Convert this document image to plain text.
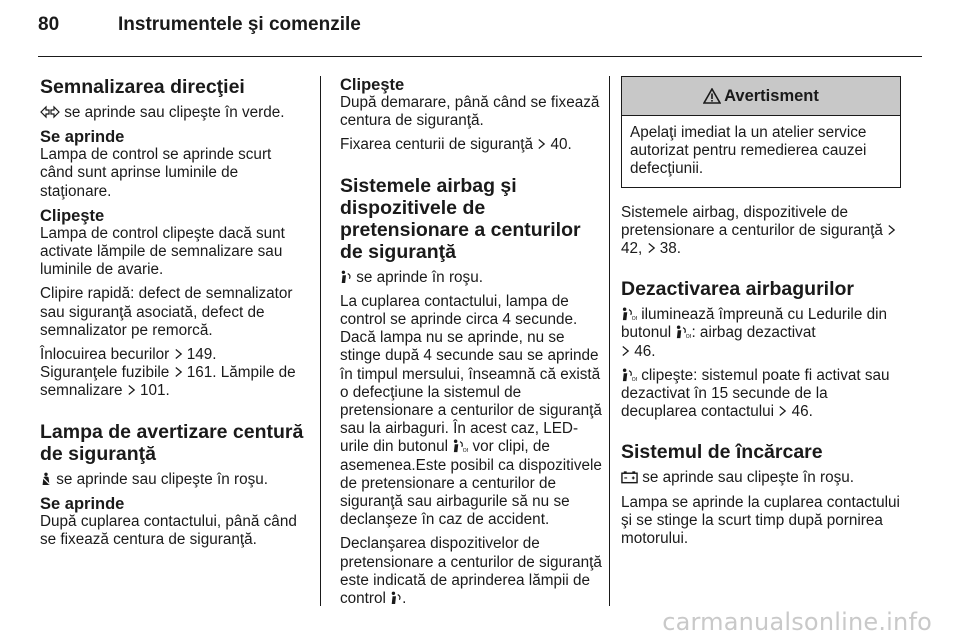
80	Instrumentele şi comenzile
Semnalizarea direcţiei

se aprinde sau clipeşte în verde.

Se aprinde

Lampa de control se aprinde scurt când sunt aprinse luminile de staţionare.

Clipeşte

Lampa de control clipeşte dacă sunt activate lămpile de semnalizare sau luminile de avarie.

Clipire rapidă: defect de semnalizator sau siguranţă asociată, defect de semnalizator pe remorcă.

Înlocuirea becurilor  149.
Siguranţele fuzibile  161. Lămpile de semnalizare  101.

Lampa de avertizare centură de siguranţă

se aprinde sau clipeşte în roşu.

Se aprinde

După cuplarea contactului, până când se fixează centura de siguranţă.

Clipeşte

După demarare, până când se fixează centura de siguranţă.

Fixarea centurii de siguranţă  40.

Sistemele airbag şi dispozitivele de pretensionare a centurilor de siguranţă

se aprinde în roşu.

La cuplarea contactului, lampa de control se aprinde circa 4 secunde. Dacă lampa nu se aprinde, nu se stinge după 4 secunde sau se aprinde în timpul mersului, înseamnă că există o defecţiune la sistemul de pretensionare a centurilor de siguranţă sau la airbaguri. În acest caz, LED-urile din butonul  vor clipi, de asemenea.Este posibil ca dispozitivele de pretensionare a centurilor de siguranţă sau airbagurile să nu se declanşeze în caz de accident.

Declanşarea dispozitivelor de pretensionare a centurilor de siguranţă este indicată de aprinderea lămpii de control .

Avertisment
Apelaţi imediat la un atelier service autorizat pentru remedierea cauzei defecţiunii.

Sistemele airbag, dispozitivele de pretensionare a centurilor de siguranţă  42,  38.

Dezactivarea airbagurilor

iluminează împreună cu Ledurile din butonul : airbag dezactivat
46.

clipeşte: sistemul poate fi activat sau dezactivat în 15 secunde de la decuplarea contactului  46.

Sistemul de încărcare

se aprinde sau clipeşte în roşu.

Lampa se aprinde la cuplarea contactului şi se stinge la scurt timp după pornirea motorului.

carmanualsonline.info
